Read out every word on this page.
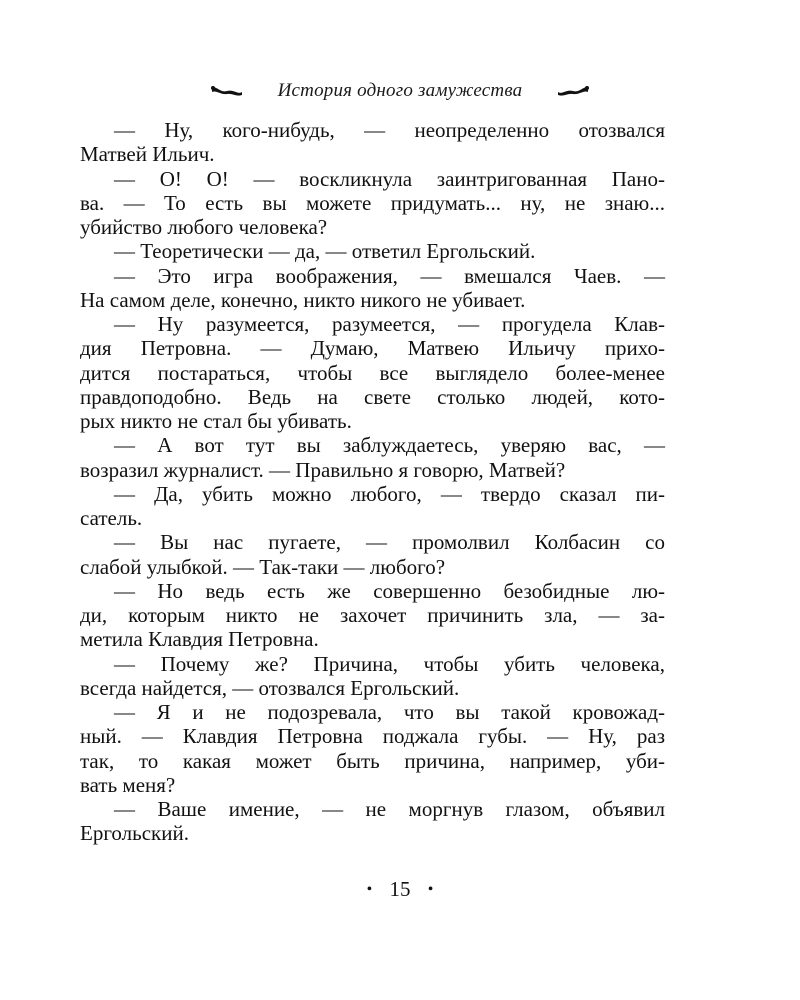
История одного замужества

— Ну, кого-нибудь, — неопределенно отозвался
Матвей Ильич.

— О! О! — воскликнула заинтригованная Пано-
ва. — То есть вы можете придумать... ну, не знаю...
убийство любого человека?

— Теоретически — да, — ответил Ергольский.

— Это игра воображения, — вмешался Чаев. —
На самом деле, конечно, никто никого не убивает.

— Ну разумеется, разумеется, — прогудела Клав-
дия Петровна. — Думаю, Матвею Ильичу прихо-
дится постараться, чтобы все выглядело более-менее
правдоподобно. Ведь на свете столько людей, кото-
рых никто не стал бы убивать.

— А вот тут вы заблуждаетесь, уверяю вас, —
возразил журналист. — Правильно я говорю, Матвей?

— Да, убить можно любого, — твердо сказал пи-
сатель.

— Вы нас пугаете, — промолвил Колбасин со
слабой улыбкой. — Так-таки — любого?

— Но ведь есть же совершенно безобидные лю-
ди, которым никто не захочет причинить зла, — за-
метила Клавдия Петровна.

— Почему же? Причина, чтобы убить человека,
всегда найдется, — отозвался Ергольский.

— Я и не подозревала, что вы такой кровожад-
ный. — Клавдия Петровна поджала губы. — Ну, раз
так, то какая может быть причина, например, уби-
вать меня?

— Ваше имение, — не моргнув глазом, объявил
Ергольский.

• 15 •
